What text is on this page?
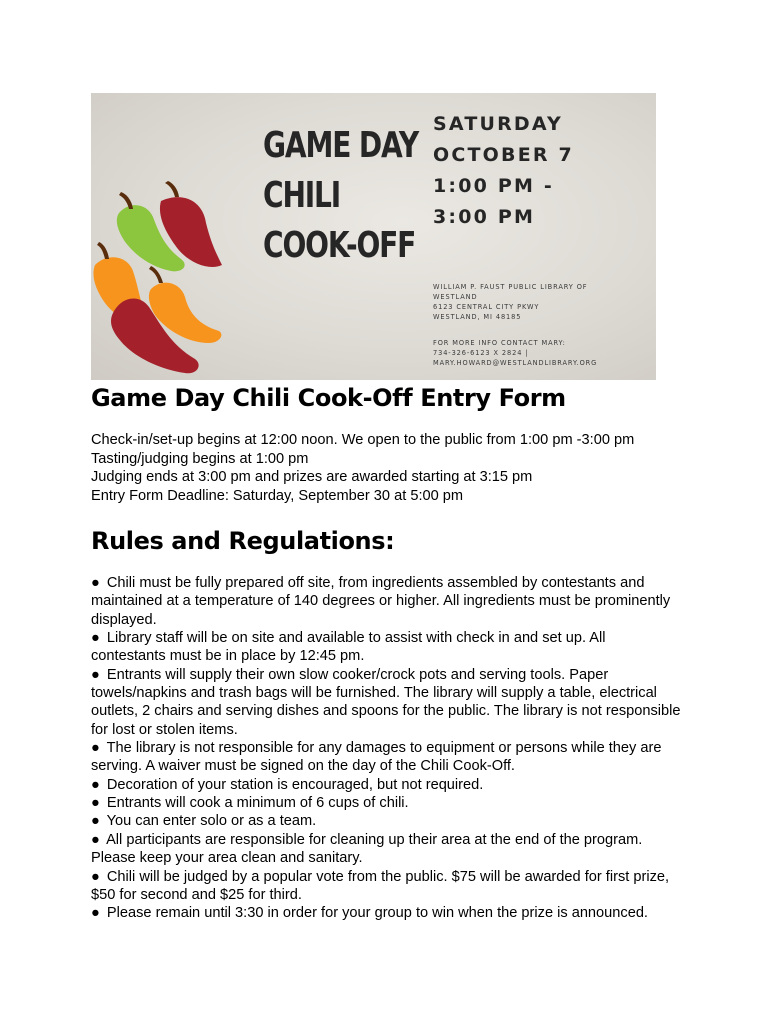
GAME DAY
CHILI
COOK-OFF
SATURDAY
OCTOBER 7
1:00 PM -
3:00 PM
WILLIAM P. FAUST PUBLIC LIBRARY OF
WESTLAND
6123 CENTRAL CITY PKWY
WESTLAND, MI 48185
FOR MORE INFO CONTACT MARY:
734-326-6123 X 2824 |
MARY.HOWARD@WESTLANDLIBRARY.ORG
Game Day Chili Cook-Off Entry Form
Check-in/set-up begins at 12:00 noon. We open to the public from 1:00 pm -3:00 pm
Tasting/judging begins at 1:00 pm
Judging ends at 3:00 pm and prizes are awarded starting at 3:15 pm
Entry Form Deadline: Saturday, September 30 at 5:00 pm
Rules and Regulations:
● Chili must be fully prepared off site, from ingredients assembled by contestants and maintained at a temperature of 140 degrees or higher. All ingredients must be prominently displayed.
● Library staff will be on site and available to assist with check in and set up. All contestants must be in place by 12:45 pm.
● Entrants will supply their own slow cooker/crock pots and serving tools. Paper towels/napkins and trash bags will be furnished. The library will supply a table, electrical outlets, 2 chairs and serving dishes and spoons for the public. The library is not responsible for lost or stolen items.
● The library is not responsible for any damages to equipment or persons while they are serving. A waiver must be signed on the day of the Chili Cook-Off.
● Decoration of your station is encouraged, but not required.
● Entrants will cook a minimum of 6 cups of chili.
● You can enter solo or as a team.
● All participants are responsible for cleaning up their area at the end of the program. Please keep your area clean and sanitary.
● Chili will be judged by a popular vote from the public. $75 will be awarded for first prize, $50 for second and $25 for third.
● Please remain until 3:30 in order for your group to win when the prize is announced.
